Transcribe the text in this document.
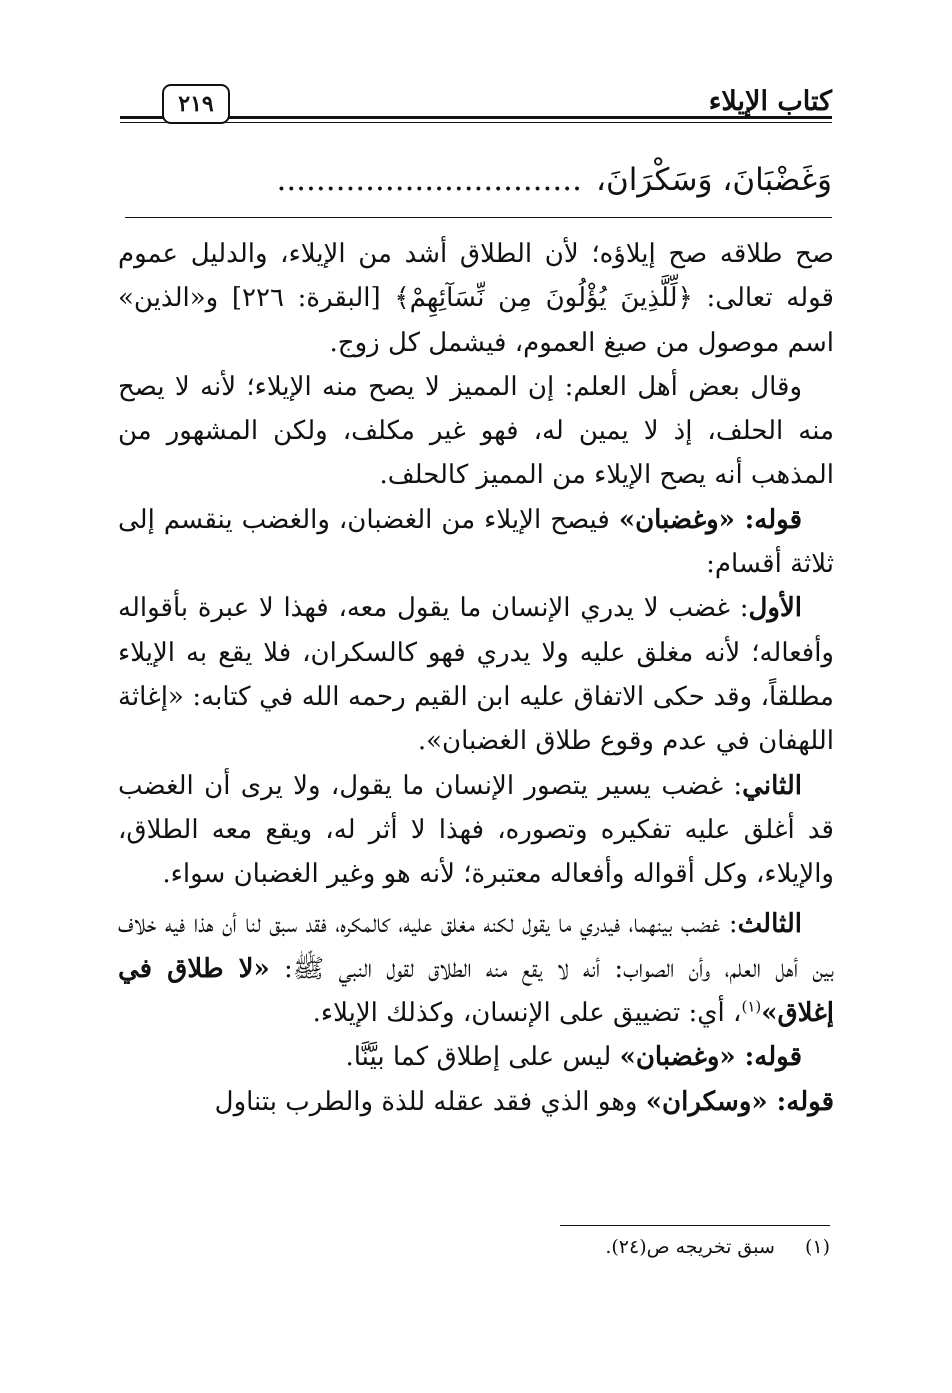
٢١٩	كتاب الإيلاء
وَغَضْبَانَ، وَسَكْرَانَ،...............................

صح طلاقه صح إيلاؤه؛ لأن الطلاق أشد من الإيلاء، والدليل عموم قوله تعالى: ﴿لِّلَّذِينَ يُؤْلُونَ مِن نِّسَآئِهِمْ﴾ [البقرة: ٢٢٦] و«الذين» اسم موصول من صيغ العموم، فيشمل كل زوج.

وقال بعض أهل العلم: إن المميز لا يصح منه الإيلاء؛ لأنه لا يصح منه الحلف، إذ لا يمين له، فهو غير مكلف، ولكن المشهور من المذهب أنه يصح الإيلاء من المميز كالحلف.

قوله: «وغضبان» فيصح الإيلاء من الغضبان، والغضب ينقسم إلى ثلاثة أقسام:

الأول: غضب لا يدري الإنسان ما يقول معه، فهذا لا عبرة بأقواله وأفعاله؛ لأنه مغلق عليه ولا يدري فهو كالسكران، فلا يقع به الإيلاء مطلقاً، وقد حكى الاتفاق عليه ابن القيم رحمه الله في كتابه: «إغاثة اللهفان في عدم وقوع طلاق الغضبان».

الثاني: غضب يسير يتصور الإنسان ما يقول، ولا يرى أن الغضب قد أغلق عليه تفكيره وتصوره، فهذا لا أثر له، ويقع معه الطلاق، والإيلاء، وكل أقواله وأفعاله معتبرة؛ لأنه هو وغير الغضبان سواء.

الثالث: غضب بينهما، فيدري ما يقول لكنه مغلق عليه، كالمكره، فقد سبق لنا أن هذا فيه خلاف بين أهل العلم، وأن الصواب: أنه لا يقع منه الطلاق لقول النبي ﷺ: «لا طلاق في إغلاق»$^{(١)}$، أي: تضييق على الإنسان، وكذلك الإيلاء.

قوله: «وغضبان» ليس على إطلاق كما بيَّنَّا.

قوله: «وسكران» وهو الذي فقد عقله للذة والطرب بتناول

(١)سبق تخريجه ص(٢٤).
